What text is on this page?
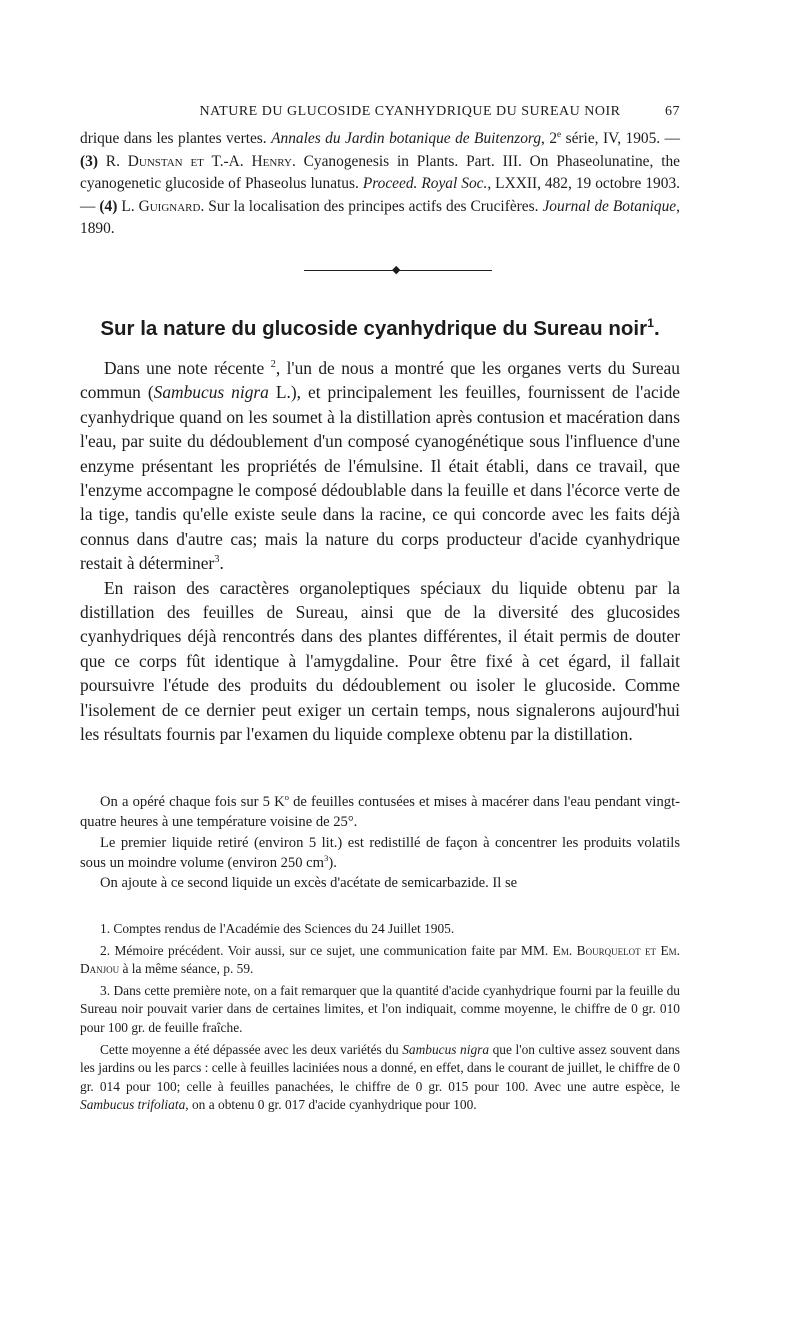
NATURE DU GLUCOSIDE CYANHYDRIQUE DU SUREAU NOIR	67
drique dans les plantes vertes. Annales du Jardin botanique de Buitenzorg, 2e série, IV, 1905. — (3) R. Dunstan et T.-A. Henry. Cyanogenesis in Plants. Part. III. On Phaseolunatine, the cyanogenetic glucoside of Phaseolus lunatus. Proceed. Royal Soc., LXXII, 482, 19 octobre 1903. — (4) L. Guignard. Sur la localisation des principes actifs des Crucifères. Journal de Botanique, 1890.
◆
Sur la nature du glucoside cyanhydrique du Sureau noir$^1$.

Dans une note récente $^2$, l'un de nous a montré que les organes verts du Sureau commun (Sambucus nigra L.), et principalement les feuilles, fournissent de l'acide cyanhydrique quand on les soumet à la distillation après contusion et macération dans l'eau, par suite du dédoublement d'un composé cyanogénétique sous l'influence d'une enzyme présentant les propriétés de l'émulsine. Il était établi, dans ce travail, que l'enzyme accompagne le composé dédoublable dans la feuille et dans l'écorce verte de la tige, tandis qu'elle existe seule dans la racine, ce qui concorde avec les faits déjà connus dans d'autre cas; mais la nature du corps producteur d'acide cyanhydrique restait à déterminer$^3$.

En raison des caractères organoleptiques spéciaux du liquide obtenu par la distillation des feuilles de Sureau, ainsi que de la diversité des glucosides cyanhydriques déjà rencontrés dans des plantes différentes, il était permis de douter que ce corps fût identique à l'amygdaline. Pour être fixé à cet égard, il fallait poursuivre l'étude des produits du dédoublement ou isoler le glucoside. Comme l'isolement de ce dernier peut exiger un certain temps, nous signalerons aujourd'hui les résultats fournis par l'examen du liquide complexe obtenu par la distillation.

On a opéré chaque fois sur 5 $K^o$ de feuilles contusées et mises à macérer dans l'eau pendant vingt-quatre heures à une température voisine de 25°.

Le premier liquide retiré (environ 5 lit.) est redistillé de façon à concentrer les produits volatils sous un moindre volume (environ 250 $cm^3$).

On ajoute à ce second liquide un excès d'acétate de semicarbazide. Il se

1. Comptes rendus de l'Académie des Sciences du 24 Juillet 1905.

2. Mémoire précédent. Voir aussi, sur ce sujet, une communication faite par MM. Em. Bourquelot et Em. Danjou à la même séance, p. 59.

3. Dans cette première note, on a fait remarquer que la quantité d'acide cyanhydrique fourni par la feuille du Sureau noir pouvait varier dans de certaines limites, et l'on indiquait, comme moyenne, le chiffre de 0 gr. 010 pour 100 gr. de feuille fraîche.

Cette moyenne a été dépassée avec les deux variétés du Sambucus nigra que l'on cultive assez souvent dans les jardins ou les parcs : celle à feuilles laciniées nous a donné, en effet, dans le courant de juillet, le chiffre de 0 gr. 014 pour 100; celle à feuilles panachées, le chiffre de 0 gr. 015 pour 100. Avec une autre espèce, le Sambucus trifoliata, on a obtenu 0 gr. 017 d'acide cyanhydrique pour 100.
